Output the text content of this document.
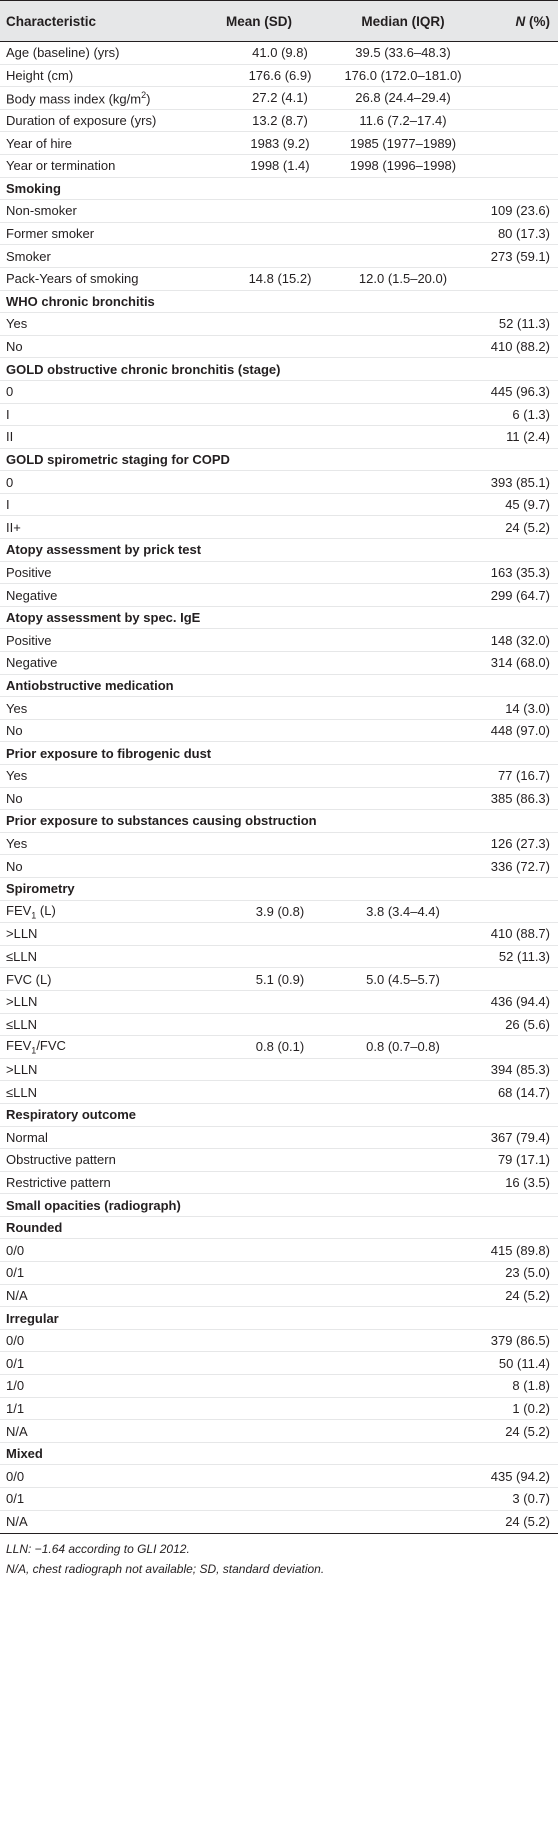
Characteristic	Mean (SD)	Median (IQR)	N (%)
Age (baseline) (yrs)	41.0 (9.8)	39.5 (33.6–48.3)	
Height (cm)	176.6 (6.9)	176.0 (172.0–181.0)	
Body mass index $(kg/m^2)$	27.2 (4.1)	26.8 (24.4–29.4)	
Duration of exposure (yrs)	13.2 (8.7)	11.6 (7.2–17.4)	
Year of hire	1983 (9.2)	1985 (1977–1989)	
Year or termination	1998 (1.4)	1998 (1996–1998)	
Smoking			
Non-smoker			109 (23.6)
Former smoker			80 (17.3)
Smoker			273 (59.1)
Pack-Years of smoking	14.8 (15.2)	12.0 (1.5–20.0)	
WHO chronic bronchitis			
Yes			52 (11.3)
No			410 (88.2)
GOLD obstructive chronic bronchitis (stage)			
0			445 (96.3)
I			6 (1.3)
II			11 (2.4)
GOLD spirometric staging for COPD			
0			393 (85.1)
I			45 (9.7)
II+			24 (5.2)
Atopy assessment by prick test			
Positive			163 (35.3)
Negative			299 (64.7)
Atopy assessment by spec. IgE			
Positive			148 (32.0)
Negative			314 (68.0)
Antiobstructive medication			
Yes			14 (3.0)
No			448 (97.0)
Prior exposure to fibrogenic dust			
Yes			77 (16.7)
No			385 (86.3)
Prior exposure to substances causing obstruction			
Yes			126 (27.3)
No			336 (72.7)
Spirometry			
$FEV_1$ (L)	3.9 (0.8)	3.8 (3.4–4.4)	
>LLN			410 (88.7)
≤LLN			52 (11.3)
FVC (L)	5.1 (0.9)	5.0 (4.5–5.7)	
>LLN			436 (94.4)
≤LLN			26 (5.6)
$FEV_1$/FVC	0.8 (0.1)	0.8 (0.7–0.8)	
>LLN			394 (85.3)
≤LLN			68 (14.7)
Respiratory outcome			
Normal			367 (79.4)
Obstructive pattern			79 (17.1)
Restrictive pattern			16 (3.5)
Small opacities (radiograph)			
Rounded			
0/0			415 (89.8)
0/1			23 (5.0)
N/A			24 (5.2)
Irregular			
0/0			379 (86.5)
0/1			50 (11.4)
1/0			8 (1.8)
1/1			1 (0.2)
N/A			24 (5.2)
Mixed			
0/0			435 (94.2)
0/1			3 (0.7)
N/A			24 (5.2)
LLN: −1.64 according to GLI 2012.
N/A, chest radiograph not available; SD, standard deviation.
